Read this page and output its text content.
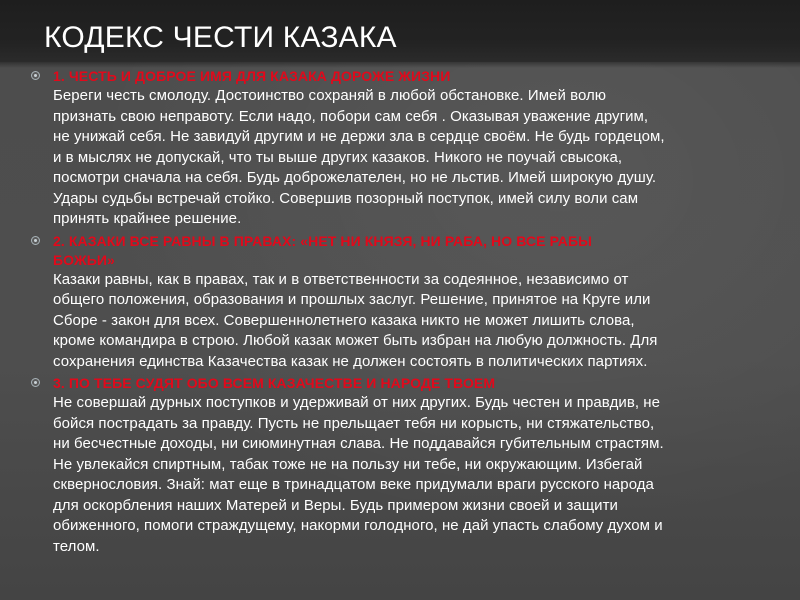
КОДЕКС ЧЕСТИ КАЗАКА
1. ЧЕСТЬ И ДОБРОЕ ИМЯ ДЛЯ КАЗАКА ДОРОЖЕ ЖИЗНИ
Береги честь смолоду. Достоинство сохраняй в любой обстановке. Имей волю
признать свою неправоту. Если надо, побори сам себя . Оказывая уважение другим,
не унижай себя. Не завидуй другим и не держи зла в сердце своём. Не будь гордецом,
и в мыслях не допускай, что ты выше других казаков. Никого не поучай свысока,
посмотри сначала на себя. Будь доброжелателен, но не льстив. Имей широкую душу.
Удары судьбы встречай стойко. Совершив позорный поступок, имей силу воли сам
принять крайнее решение.
2. КАЗАКИ ВСЕ РАВНЫ В ПРАВАХ: «НЕТ НИ КНЯЗЯ, НИ РАБА, НО ВСЕ РАБЫ
БОЖЬИ»
Казаки равны, как в правах, так и в ответственности за содеянное, независимо от
общего положения, образования и прошлых заслуг. Решение, принятое на Круге или
Сборе - закон для всех. Совершеннолетнего казака никто не может лишить слова,
кроме командира в строю. Любой казак может быть избран на любую должность. Для
сохранения единства Казачества казак не должен состоять в политических партиях.
3. ПО ТЕБЕ СУДЯТ ОБО ВСЕМ КАЗАЧЕСТВЕ И НАРОДЕ ТВОЕМ
Не совершай дурных поступков и удерживай от них других. Будь честен и правдив, не
бойся пострадать за правду. Пусть не прельщает тебя ни корысть, ни стяжательство,
ни бесчестные доходы, ни сиюминутная слава. Не поддавайся губительным страстям.
Не увлекайся спиртным, табак тоже не на пользу ни тебе, ни окружающим. Избегай
сквернословия. Знай: мат еще в тринадцатом веке придумали враги русского народа
для оскорбления наших Матерей и Веры. Будь примером жизни своей и защити
обиженного, помоги страждущему, накорми голодного, не дай упасть слабому духом и
телом.
